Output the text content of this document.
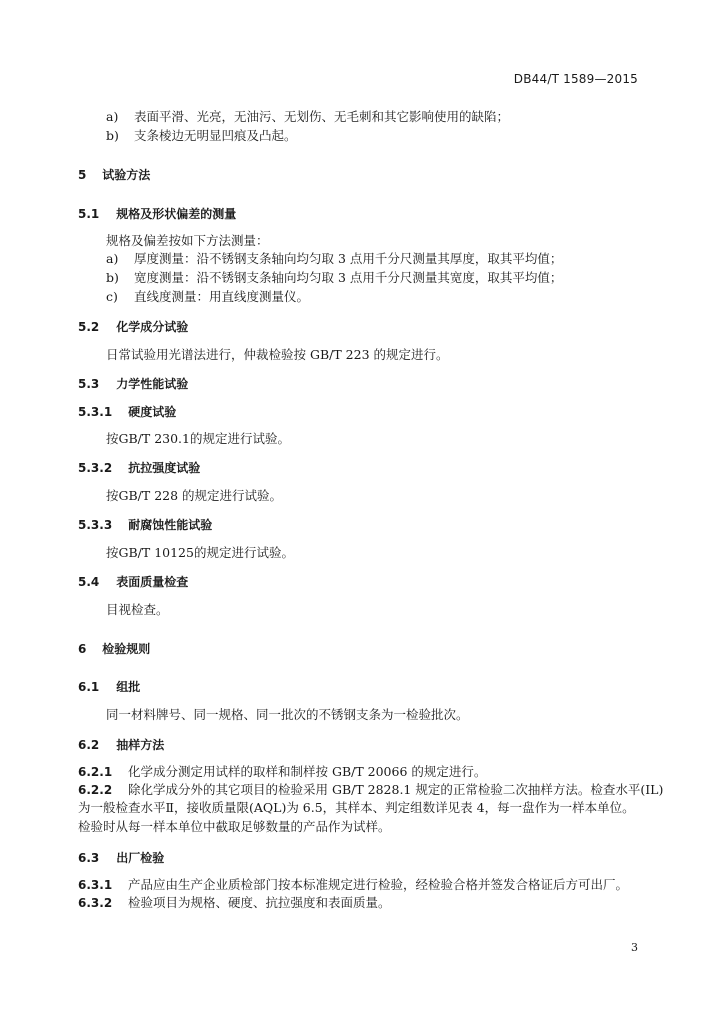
DB44/T 1589—2015
a) 表面平滑、光亮，无油污、无划伤、无毛刺和其它影响使用的缺陷；
b) 支条棱边无明显凹痕及凸起。
5 试验方法
5.1 规格及形状偏差的测量
规格及偏差按如下方法测量：
a) 厚度测量：沿不锈钢支条轴向均匀取 3 点用千分尺测量其厚度，取其平均值；
b) 宽度测量：沿不锈钢支条轴向均匀取 3 点用千分尺测量其宽度，取其平均值；
c) 直线度测量：用直线度测量仪。
5.2 化学成分试验
日常试验用光谱法进行，仲裁检验按 GB/T 223 的规定进行。
5.3 力学性能试验
5.3.1 硬度试验
按GB/T 230.1的规定进行试验。
5.3.2 抗拉强度试验
按GB/T 228 的规定进行试验。
5.3.3 耐腐蚀性能试验
按GB/T 10125的规定进行试验。
5.4 表面质量检查
目视检查。
6 检验规则
6.1 组批
同一材料牌号、同一规格、同一批次的不锈钢支条为一检验批次。
6.2 抽样方法
6.2.1 化学成分测定用试样的取样和制样按 GB/T 20066 的规定进行。
6.2.2 除化学成分外的其它项目的检验采用 GB/T 2828.1 规定的正常检验二次抽样方法。检查水平(IL)
为一般检查水平Ⅱ，接收质量限(AQL)为 6.5，其样本、判定组数详见表 4，每一盘作为一样本单位。
检验时从每一样本单位中截取足够数量的产品作为试样。
6.3 出厂检验
6.3.1 产品应由生产企业质检部门按本标准规定进行检验，经检验合格并签发合格证后方可出厂。
6.3.2 检验项目为规格、硬度、抗拉强度和表面质量。
3
